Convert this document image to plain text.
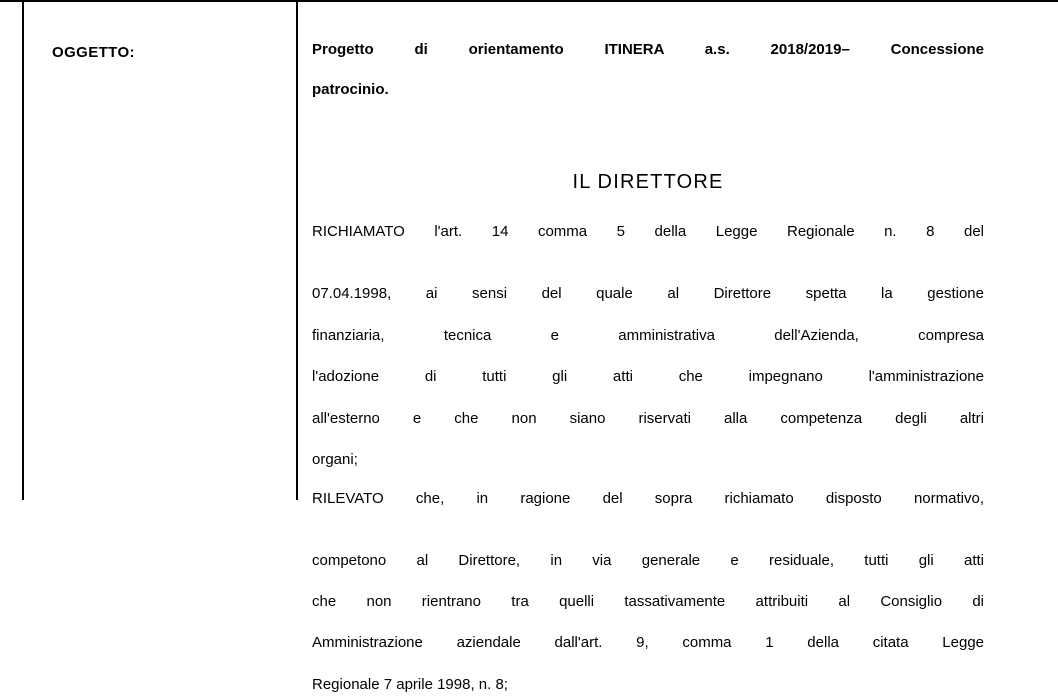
OGGETTO:	Progetto di orientamento ITINERA a.s. 2018/2019– Concessione
patrocinio.
IL DIRETTORE
RICHIAMATO l'art. 14 comma 5 della Legge Regionale n. 8 del
07.04.1998, ai sensi del quale al Direttore spetta la gestione
finanziaria, tecnica e amministrativa dell'Azienda, compresa
l'adozione di tutti gli atti che impegnano l'amministrazione
all'esterno e che non siano riservati alla competenza degli altri
organi;
RILEVATO che, in ragione del sopra richiamato disposto normativo,
competono al Direttore, in via generale e residuale, tutti gli atti
che non rientrano tra quelli tassativamente attribuiti al Consiglio di
Amministrazione aziendale dall'art. 9, comma 1 della citata Legge
Regionale 7 aprile 1998, n. 8;
